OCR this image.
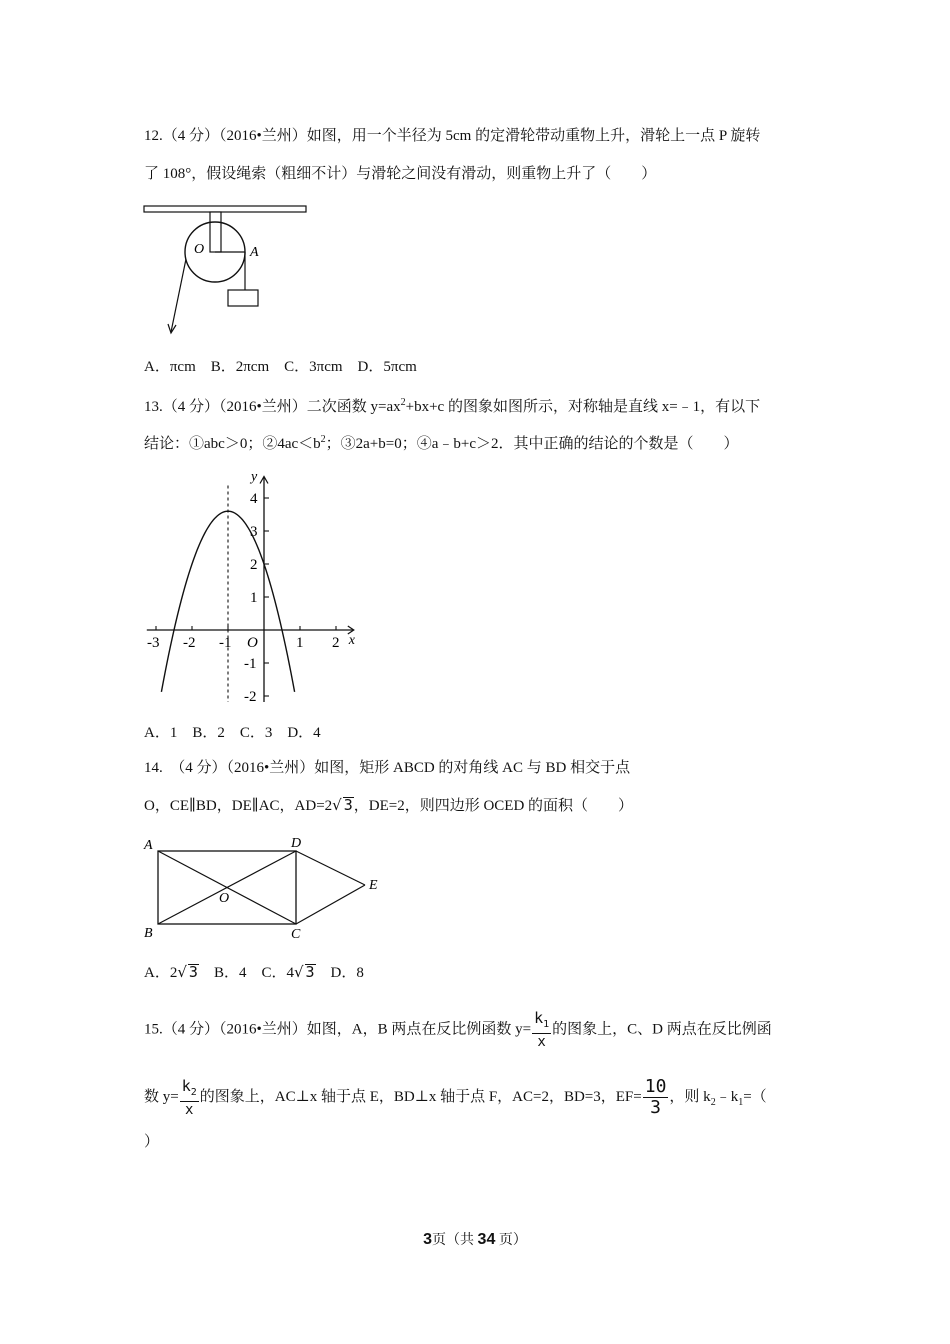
12.（4 分）（2016•兰州）如图，用一个半径为 5cm 的定滑轮带动重物上升，滑轮上一点 P 旋转
了 108°，假设绳索（粗细不计）与滑轮之间没有滑动，则重物上升了（　　）
O	A
A．πcm　B．2πcm　C．3πcm　D．5πcm
13.（4 分）（2016•兰州）二次函数 $y=ax^2+bx+c$ 的图象如图所示，对称轴是直线 x=﹣1，有以下
结论：①abc＞0；$②4ac<b^2$；③2a+b=0；④a﹣b+c＞2．其中正确的结论的个数是（　　）
x
y
O
-3 -2 -1	1 2
4
3
2
1
-1
-2
A．1　B．2　C．3　D．4
14.　（4 分）（2016•兰州）如图，矩形 ABCD 的对角线 AC 与 BD 相交于点
O，CE∥BD，DE∥AC，AD=2√ 3，DE=2，则四边形 OCED 的面积（　　）
A
B	C
D
E
O
A．2√ 3　B．4　C．4√ 3　D．8
15.（4 分）（2016•兰州）如图，A，B 两点在反比例函数 $y= \frac{k_1}{x}$ 的图象上，C、D 两点在反比例函
数 $y= \frac{k_2}{x}$ 的图象上，AC⊥x 轴于点 E，BD⊥x 轴于点 F，AC=2，BD=3，$EF= \frac{10}{3}$ ，则 $k_2﹣k_1=$（
）
3页（共 34 页）
